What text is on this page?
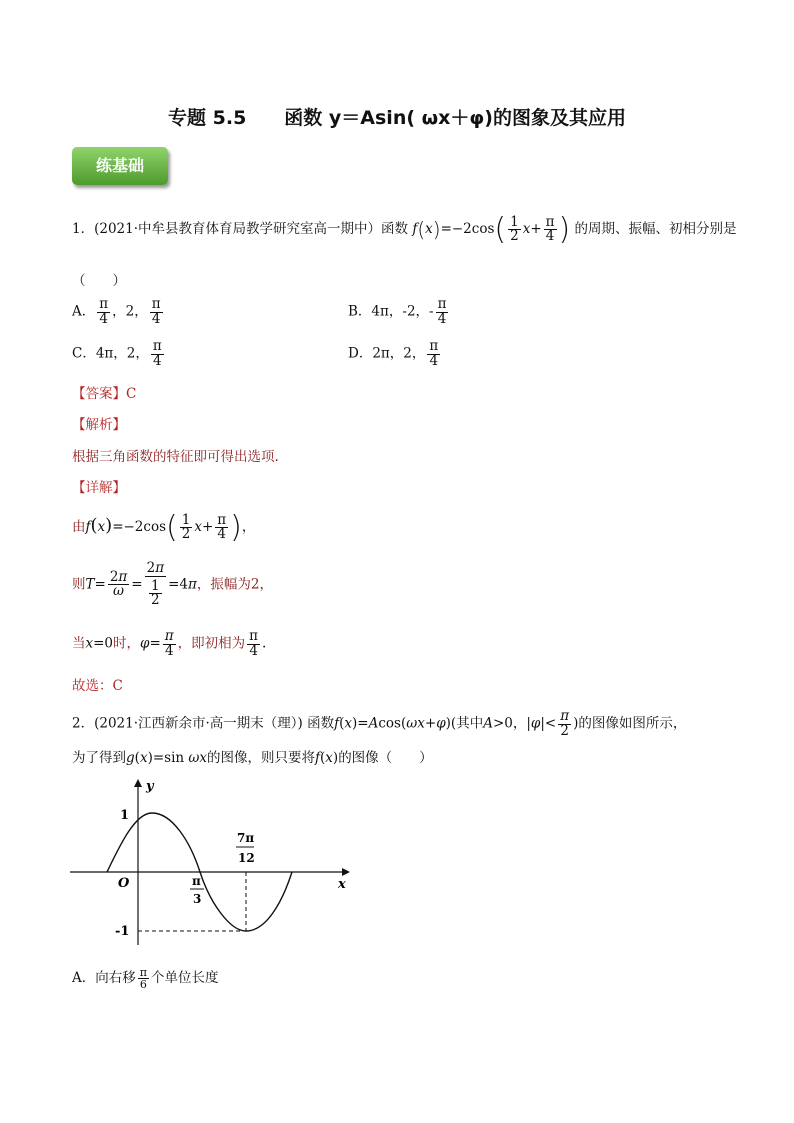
专题 5.5　　函数 y＝Asin( ωx＋φ)的图象及其应用
练基础
1．(2021·中牟县教育体育局教学研究室高一期中）函数 $f(x)=-2\cos( \frac{1}{2} x+ \frac{\pi}{4}$ ) 的周期、振幅、初相分别是
（　　）
A． $\frac{\pi}{4}$ ，2， $\frac{\pi}{4}$	B．4π，-2，- $\frac{\pi}{4}$
C．4π，2， $\frac{\pi}{4}$	D．2π，2， $\frac{\pi}{4}$
【答案】C
【解析】
根据三角函数的特征即可得出选项.
【详解】
由$f(x)=-2\cos( \frac{1}{2} x+ \frac{\pi}{4}$ )，
则$T= \frac{2\pi}{\omega} = \frac{2\pi}{\frac{1}{2}} =4\pi$，振幅为2，
当x=0时，$\varphi= \frac{\pi}{4}$ ，即初相为 $\frac{\pi}{4}$ .
故选：C
2．(2021·江西新余市·高一期末（理）) 函数f(x)=Acos(ωx+φ)(其中A>0，$|\varphi|< \frac{\pi}{2}$ )的图像如图所示，
为了得到g(x)=sin ωx的图像，则只要将f(x)的图像（　　）
y
x
O
1
-1
π
3
7π
12
A．向右移 $\frac{\pi}{6}$ 个单位长度
